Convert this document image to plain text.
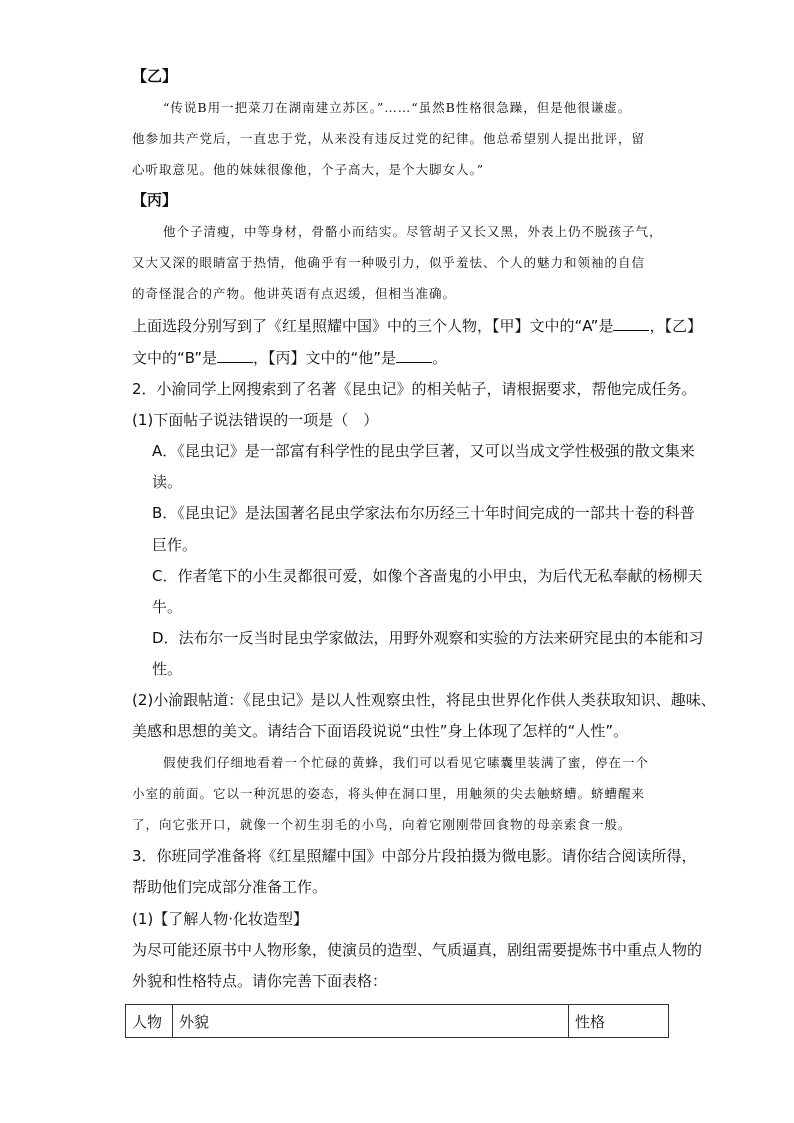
【乙】
“传说B用一把菜刀在湖南建立苏区。”……“虽然B性格很急躁，但是他很谦虚。
他参加共产党后，一直忠于党，从来没有违反过党的纪律。他总希望别人提出批评，留
心听取意见。他的妹妹很像他，个子高大，是个大脚女人。”
【丙】
他个子清瘦，中等身材，骨骼小而结实。尽管胡子又长又黑，外表上仍不脱孩子气，
又大又深的眼睛富于热情，他确乎有一种吸引力，似乎羞怯、个人的魅力和领袖的自信
的奇怪混合的产物。他讲英语有点迟缓，但相当准确。
上面选段分别写到了《红星照耀中国》中的三个人物，【甲】文中的“A”是 ，【乙】
文中的“B”是 ，【丙】文中的“他”是 。
2．小渝同学上网搜索到了名著《昆虫记》的相关帖子，请根据要求，帮他完成任务。
(1)下面帖子说法错误的一项是（　）
A．《昆虫记》是一部富有科学性的昆虫学巨著，又可以当成文学性极强的散文集来
读。
B．《昆虫记》是法国著名昆虫学家法布尔历经三十年时间完成的一部共十卷的科普
巨作。
C．作者笔下的小生灵都很可爱，如像个吝啬鬼的小甲虫，为后代无私奉献的杨柳天
牛。
D．法布尔一反当时昆虫学家做法，用野外观察和实验的方法来研究昆虫的本能和习
性。
(2)小渝跟帖道：《昆虫记》是以人性观察虫性，将昆虫世界化作供人类获取知识、趣味、
美感和思想的美文。请结合下面语段说说“虫性”身上体现了怎样的“人性”。
假使我们仔细地看着一个忙碌的黄蜂，我们可以看见它嗉囊里装满了蜜，停在一个
小室的前面。它以一种沉思的姿态，将头伸在洞口里，用触须的尖去触蛴螬。蛴螬醒来
了，向它张开口，就像一个初生羽毛的小鸟，向着它刚刚带回食物的母亲索食一般。
3．你班同学准备将《红星照耀中国》中部分片段拍摄为微电影。请你结合阅读所得，
帮助他们完成部分准备工作。
(1)【了解人物·化妆造型】
为尽可能还原书中人物形象，使演员的造型、气质逼真，剧组需要提炼书中重点人物的
外貌和性格特点。请你完善下面表格：
人物	外貌	性格
